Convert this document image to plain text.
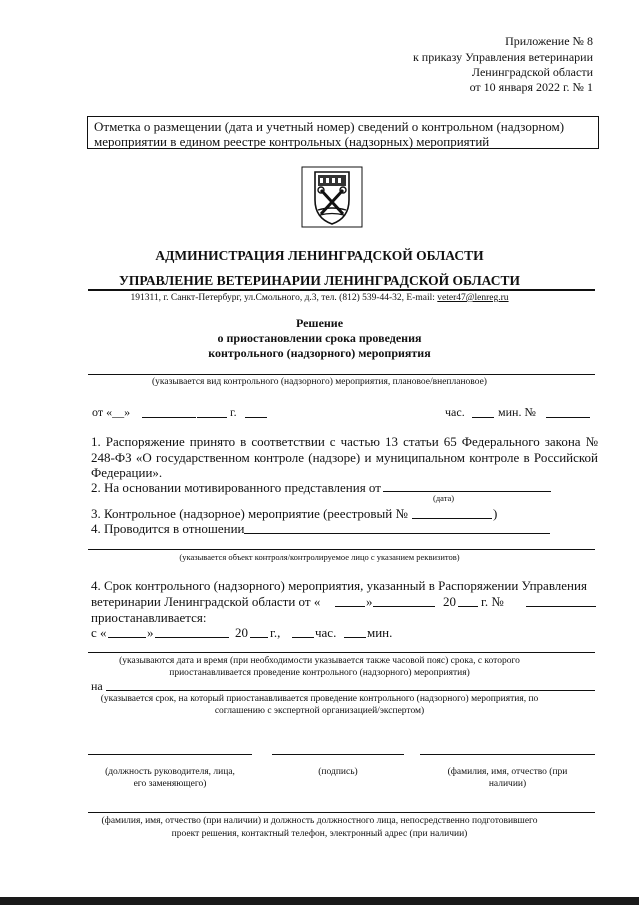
Приложение № 8
к приказу Управления ветеринарии
Ленинградской области
от 10 января 2022 г. № 1
Отметка о размещении (дата и учетный номер) сведений о контрольном (надзорном)
мероприятии в едином реестре контрольных (надзорных) мероприятий
АДМИНИСТРАЦИЯ ЛЕНИНГРАДСКОЙ ОБЛАСТИ
УПРАВЛЕНИЕ ВЕТЕРИНАРИИ ЛЕНИНГРАДСКОЙ ОБЛАСТИ
191311, г. Санкт-Петербург, ул.Смольного, д.3, тел. (812) 539-44-32, E-mail: veter47@lenreg.ru
Решение
о приостановлении срока проведения
контрольного (надзорного) мероприятия
(указывается вид контрольного (надзорного) мероприятия, плановое/внеплановое)
от «__»	г.	час.	мин. №
1. Распоряжение принято в соответствии с частью 13 статьи 65 Федерального закона № 248-ФЗ «О государственном контроле (надзоре) и муниципальном контроле в Российской Федерации».
2. На основании мотивированного представления от
(дата)
3. Контрольное (надзорное) мероприятие (реестровый №	)
4. Проводится в отношении
(указывается объект контроля/контролируемое лицо с указанием реквизитов)
4. Срок контрольного (надзорного) мероприятия, указанный в Распоряжении Управления
ветеринарии Ленинградской области от «	»	20 г. №
приостанавливается:
с «	»	20 г.,	час. мин.
(указываются дата и время (при необходимости указывается также часовой пояс) срока, с которого
приостанавливается проведение контрольного (надзорного) мероприятия)
на
(указывается срок, на который приостанавливается проведение контрольного (надзорного) мероприятия, по
соглашению с экспертной организацией/экспертом)
(должность руководителя, лица,
его заменяющего)
(подпись)	(фамилия, имя, отчество (при
наличии)
(фамилия, имя, отчество (при наличии) и должность должностного лица, непосредственно подготовившего
проект решения, контактный телефон, электронный адрес (при наличии)
